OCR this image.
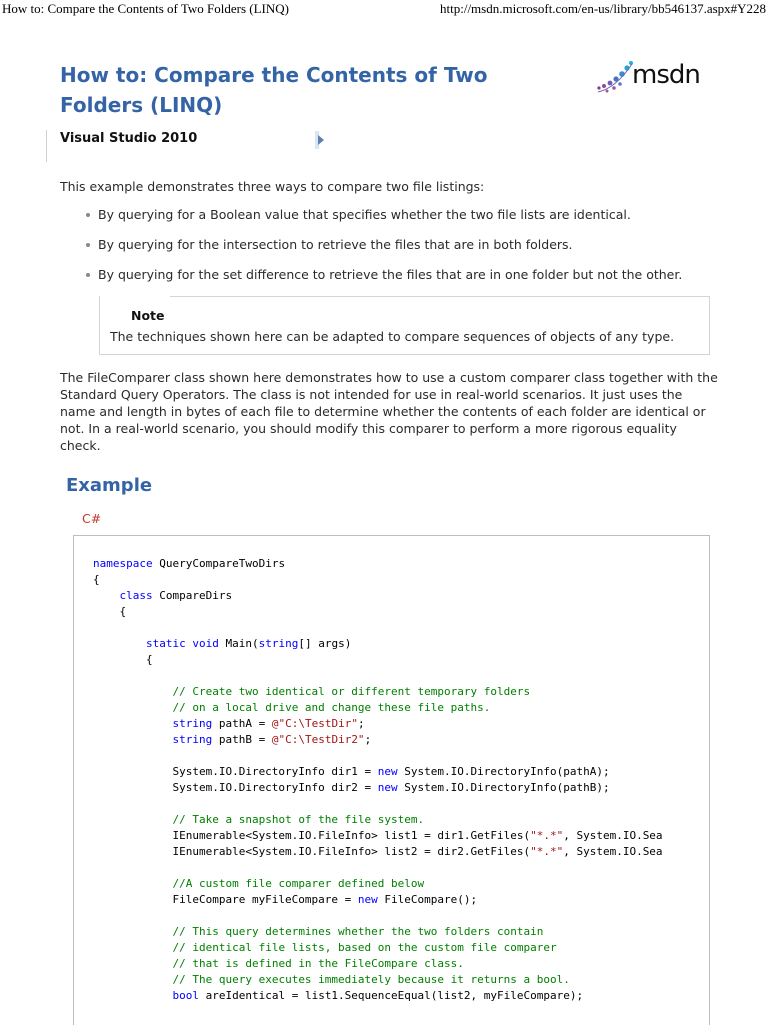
How to: Compare the Contents of Two Folders (LINQ)	http://msdn.microsoft.com/en-us/library/bb546137.aspx#Y228
How to: Compare the Contents of Two
Folders (LINQ)
msdn
Visual Studio 2010
This example demonstrates three ways to compare two file listings:
By querying for a Boolean value that specifies whether the two file lists are identical.
By querying for the intersection to retrieve the files that are in both folders.
By querying for the set difference to retrieve the files that are in one folder but not the other.
Note
The techniques shown here can be adapted to compare sequences of objects of any type.

The FileComparer class shown here demonstrates how to use a custom comparer class together with the Standard Query Operators. The class is not intended for use in real-world scenarios. It just uses the name and length in bytes of each file to determine whether the contents of each folder are identical or not. In a real-world scenario, you should modify this comparer to perform a more rigorous equality check.

Example
C#
namespace QueryCompareTwoDirs
{
class CompareDirs
{
static void Main(string[] args)
{
// Create two identical or different temporary folders
// on a local drive and change these file paths.
string pathA = @"C:\TestDir";
string pathB = @"C:\TestDir2";
System.IO.DirectoryInfo dir1 = new System.IO.DirectoryInfo(pathA);
System.IO.DirectoryInfo dir2 = new System.IO.DirectoryInfo(pathB);
// Take a snapshot of the file system.
IEnumerable<System.IO.FileInfo> list1 = dir1.GetFiles("*.*", System.IO.Sea
IEnumerable<System.IO.FileInfo> list2 = dir2.GetFiles("*.*", System.IO.Sea
//A custom file comparer defined below
FileCompare myFileCompare = new FileCompare();
// This query determines whether the two folders contain
// identical file lists, based on the custom file comparer
// that is defined in the FileCompare class.
// The query executes immediately because it returns a bool.
bool areIdentical = list1.SequenceEqual(list2, myFileCompare);
